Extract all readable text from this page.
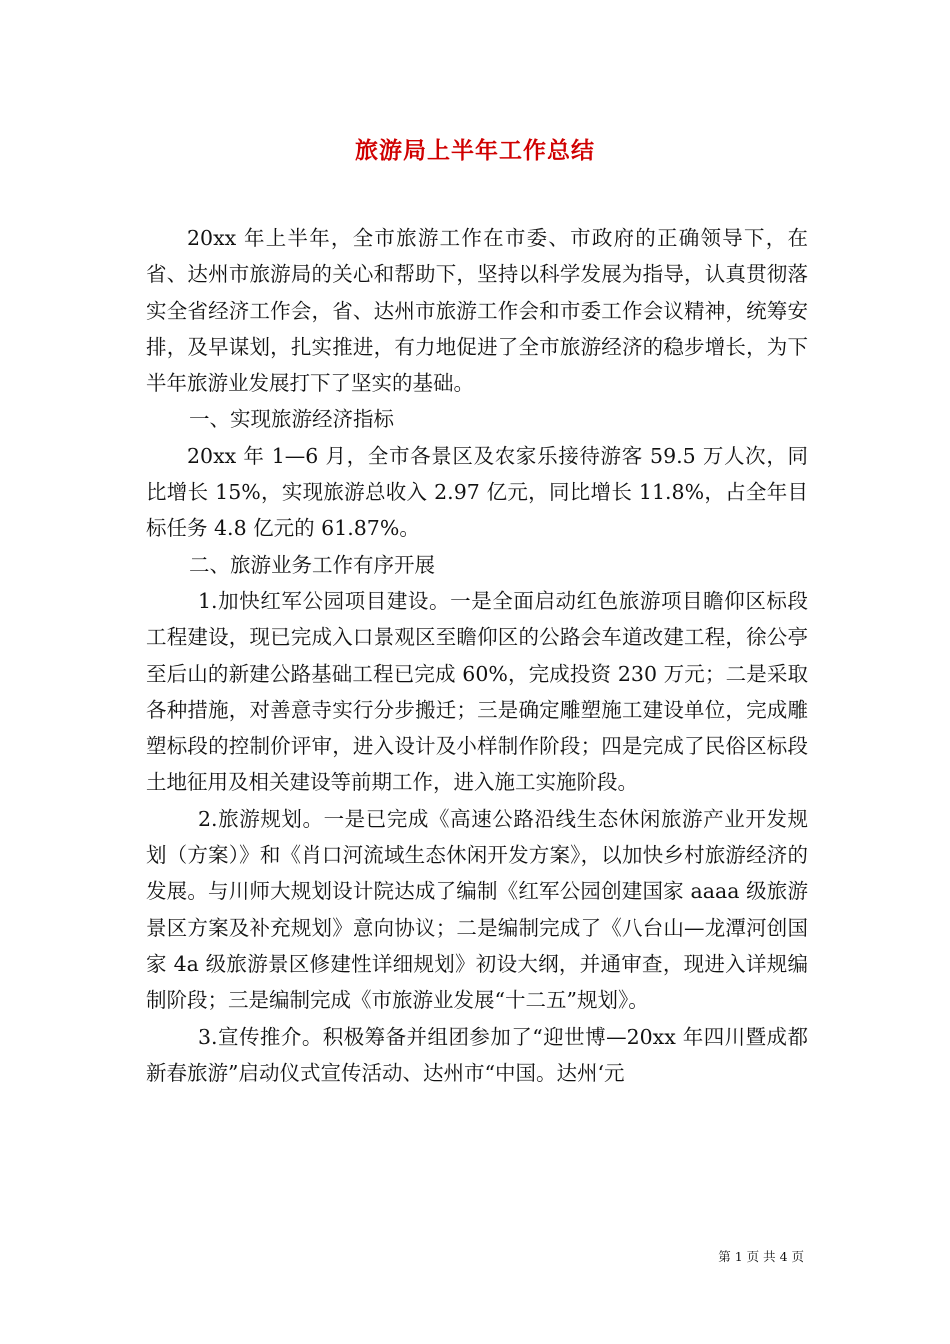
旅游局上半年工作总结

20xx 年上半年，全市旅游工作在市委、市政府的正确领导下，在省、达州市旅游局的关心和帮助下，坚持以科学发展为指导，认真贯彻落实全省经济工作会，省、达州市旅游工作会和市委工作会议精神，统筹安排，及早谋划，扎实推进，有力地促进了全市旅游经济的稳步增长，为下半年旅游业发展打下了坚实的基础。

一、实现旅游经济指标

20xx 年 1—6 月，全市各景区及农家乐接待游客 59.5 万人次，同比增长 15%，实现旅游总收入 2.97 亿元，同比增长 11.8%，占全年目标任务 4.8 亿元的 61.87%。

二、旅游业务工作有序开展

1.加快红军公园项目建设。一是全面启动红色旅游项目瞻仰区标段工程建设，现已完成入口景观区至瞻仰区的公路会车道改建工程，徐公亭至后山的新建公路基础工程已完成 60%，完成投资 230 万元；二是采取各种措施，对善意寺实行分步搬迁；三是确定雕塑施工建设单位，完成雕塑标段的控制价评审，进入设计及小样制作阶段；四是完成了民俗区标段土地征用及相关建设等前期工作，进入施工实施阶段。

2.旅游规划。一是已完成《高速公路沿线生态休闲旅游产业开发规划（方案）》和《肖口河流域生态休闲开发方案》，以加快乡村旅游经济的发展。与川师大规划设计院达成了编制《红军公园创建国家 aaaa 级旅游景区方案及补充规划》意向协议；二是编制完成了《八台山—龙潭河创国家 4a 级旅游景区修建性详细规划》初设大纲，并通审查，现进入详规编制阶段；三是编制完成《市旅游业发展“十二五”规划》。

3.宣传推介。积极筹备并组团参加了“迎世博—20xx 年四川暨成都新春旅游”启动仪式宣传活动、达州市“中国。达州‘元

第 1 页 共 4 页
